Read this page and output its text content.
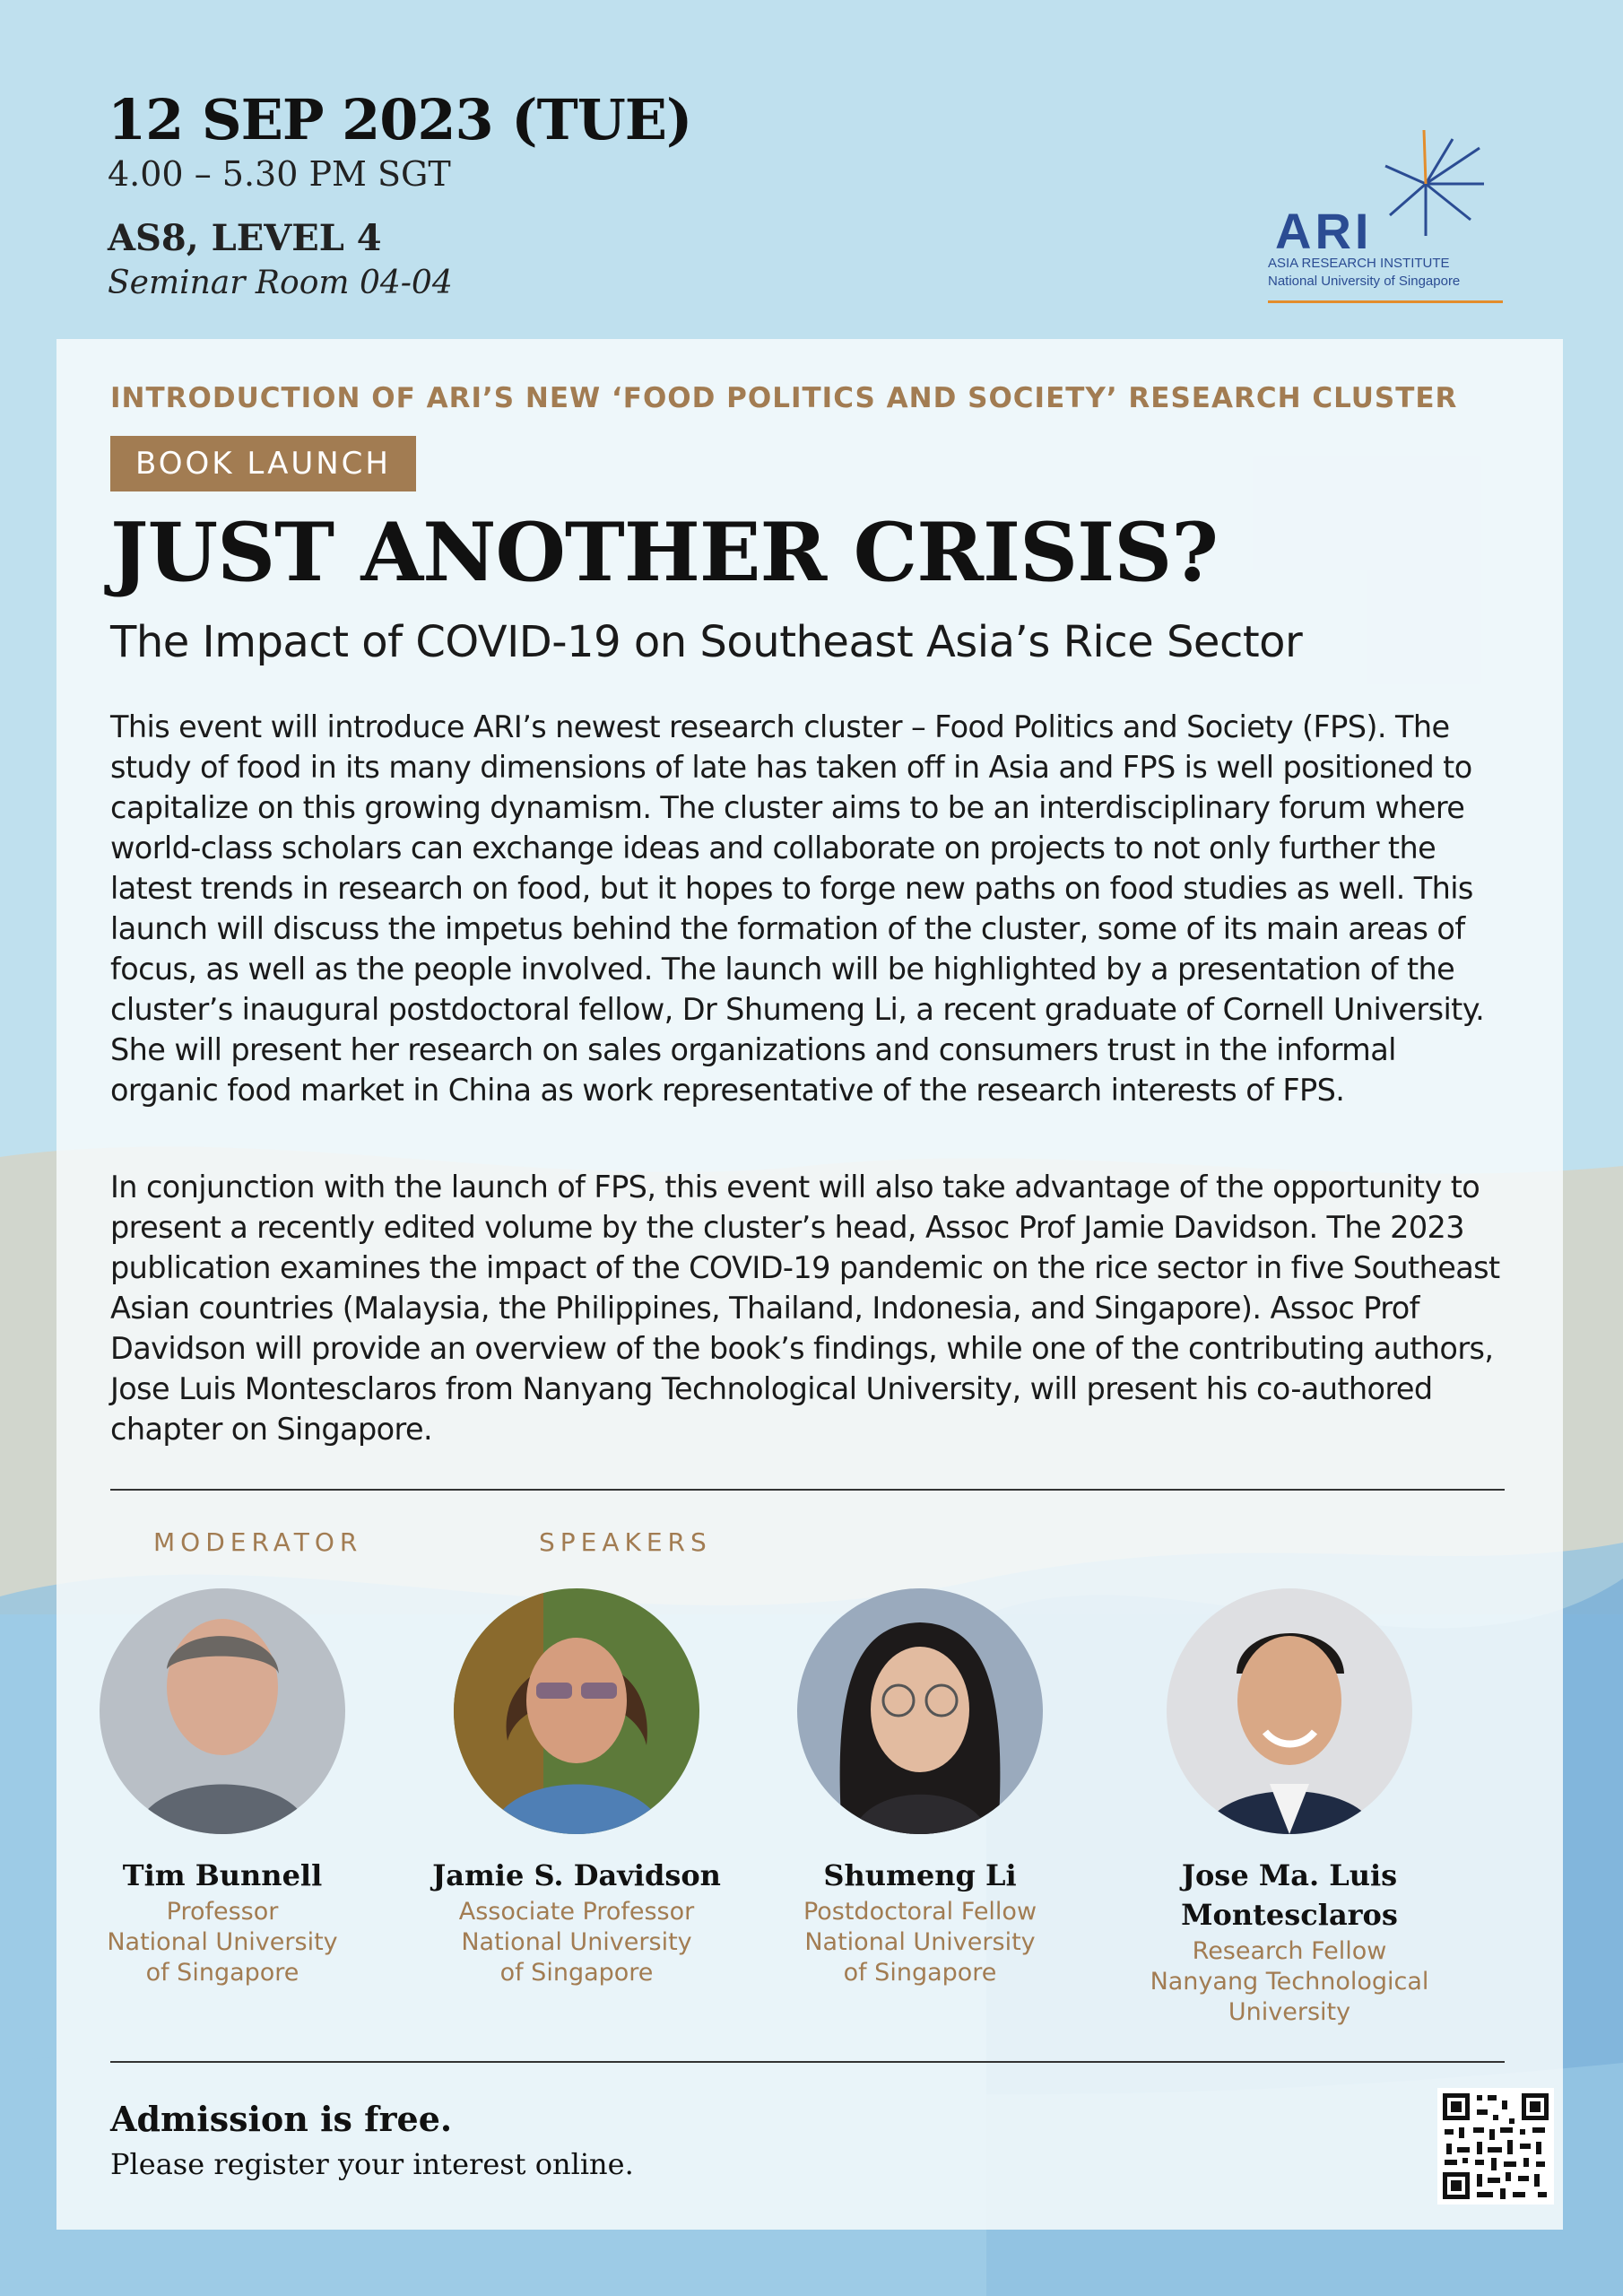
12 SEP 2023 (TUE)
4.00 – 5.30 PM SGT
AS8, LEVEL 4
Seminar Room 04-04
ARI
ASIA RESEARCH INSTITUTE
National University of Singapore
INTRODUCTION OF ARI’S NEW ‘FOOD POLITICS AND SOCIETY’ RESEARCH CLUSTER
BOOK LAUNCH
JUST ANOTHER CRISIS?
The Impact of COVID-19 on Southeast Asia’s Rice Sector
This event will introduce ARI’s newest research cluster – Food Politics and Society (FPS). The study of food in its many dimensions of late has taken off in Asia and FPS is well positioned to capitalize on this growing dynamism. The cluster aims to be an interdisciplinary forum where world-class scholars can exchange ideas and collaborate on projects to not only further the latest trends in research on food, but it hopes to forge new paths on food studies as well. This launch will discuss the impetus behind the formation of the cluster, some of its main areas of focus, as well as the people involved. The launch will be highlighted by a presentation of the cluster’s inaugural postdoctoral fellow, Dr Shumeng Li, a recent graduate of Cornell University. She will present her research on sales organizations and consumers trust in the informal organic food market in China as work representative of the research interests of FPS.
In conjunction with the launch of FPS, this event will also take advantage of the opportunity to present a recently edited volume by the cluster’s head, Assoc Prof Jamie Davidson. The 2023 publication examines the impact of the COVID-19 pandemic on the rice sector in five Southeast Asian countries (Malaysia, the Philippines, Thailand, Indonesia, and Singapore). Assoc Prof Davidson will provide an overview of the book’s findings, while one of the contributing authors, Jose Luis Montesclaros from Nanyang Technological University, will present his co-authored chapter on Singapore.
MODERATOR	SPEAKERS
Tim Bunnell
Professor
National University
of Singapore
Jamie S. Davidson
Associate Professor
National University
of Singapore
Shumeng Li
Postdoctoral Fellow
National University
of Singapore
Jose Ma. Luis
Montesclaros
Research Fellow
Nanyang Technological
University
Admission is free.
Please register your interest online.
